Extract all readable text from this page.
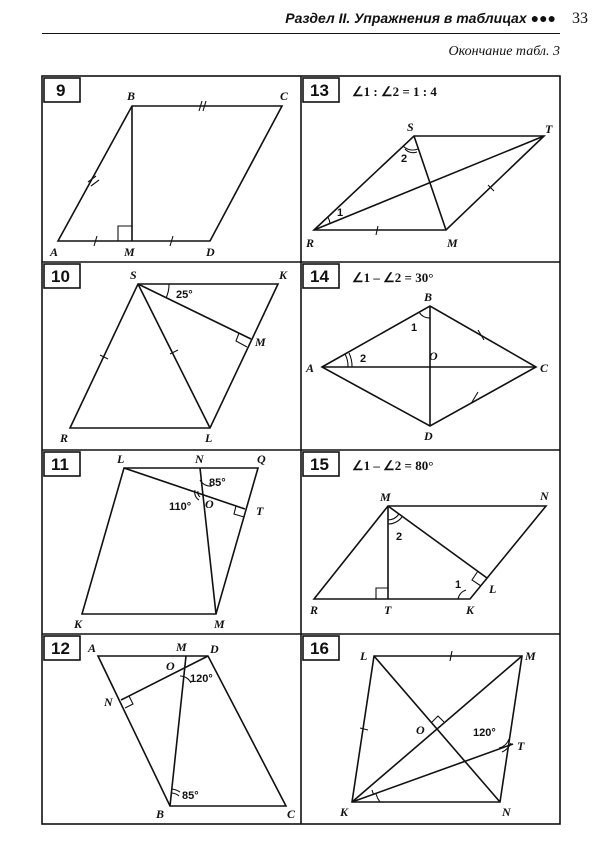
Раздел II. Упражнения в таблицах ●●● 33
Окончание табл. 3
9
10
11
12
13
14
15
16
A	M	D
B	C
S	K
M
R	L
25°
L	N	Q
T
O
K	M
85°
110°
A	M D
O
N
B	C
120°
85°
∠1 : ∠2 = 1 : 4
S	T
R	M
1
2
∠1 – ∠2 = 30°
A
B
C
D
O
2
1
∠1 – ∠2 = 80°
M	N
R	T	K
L
2
1
L	M
O
T
K	N
120°
